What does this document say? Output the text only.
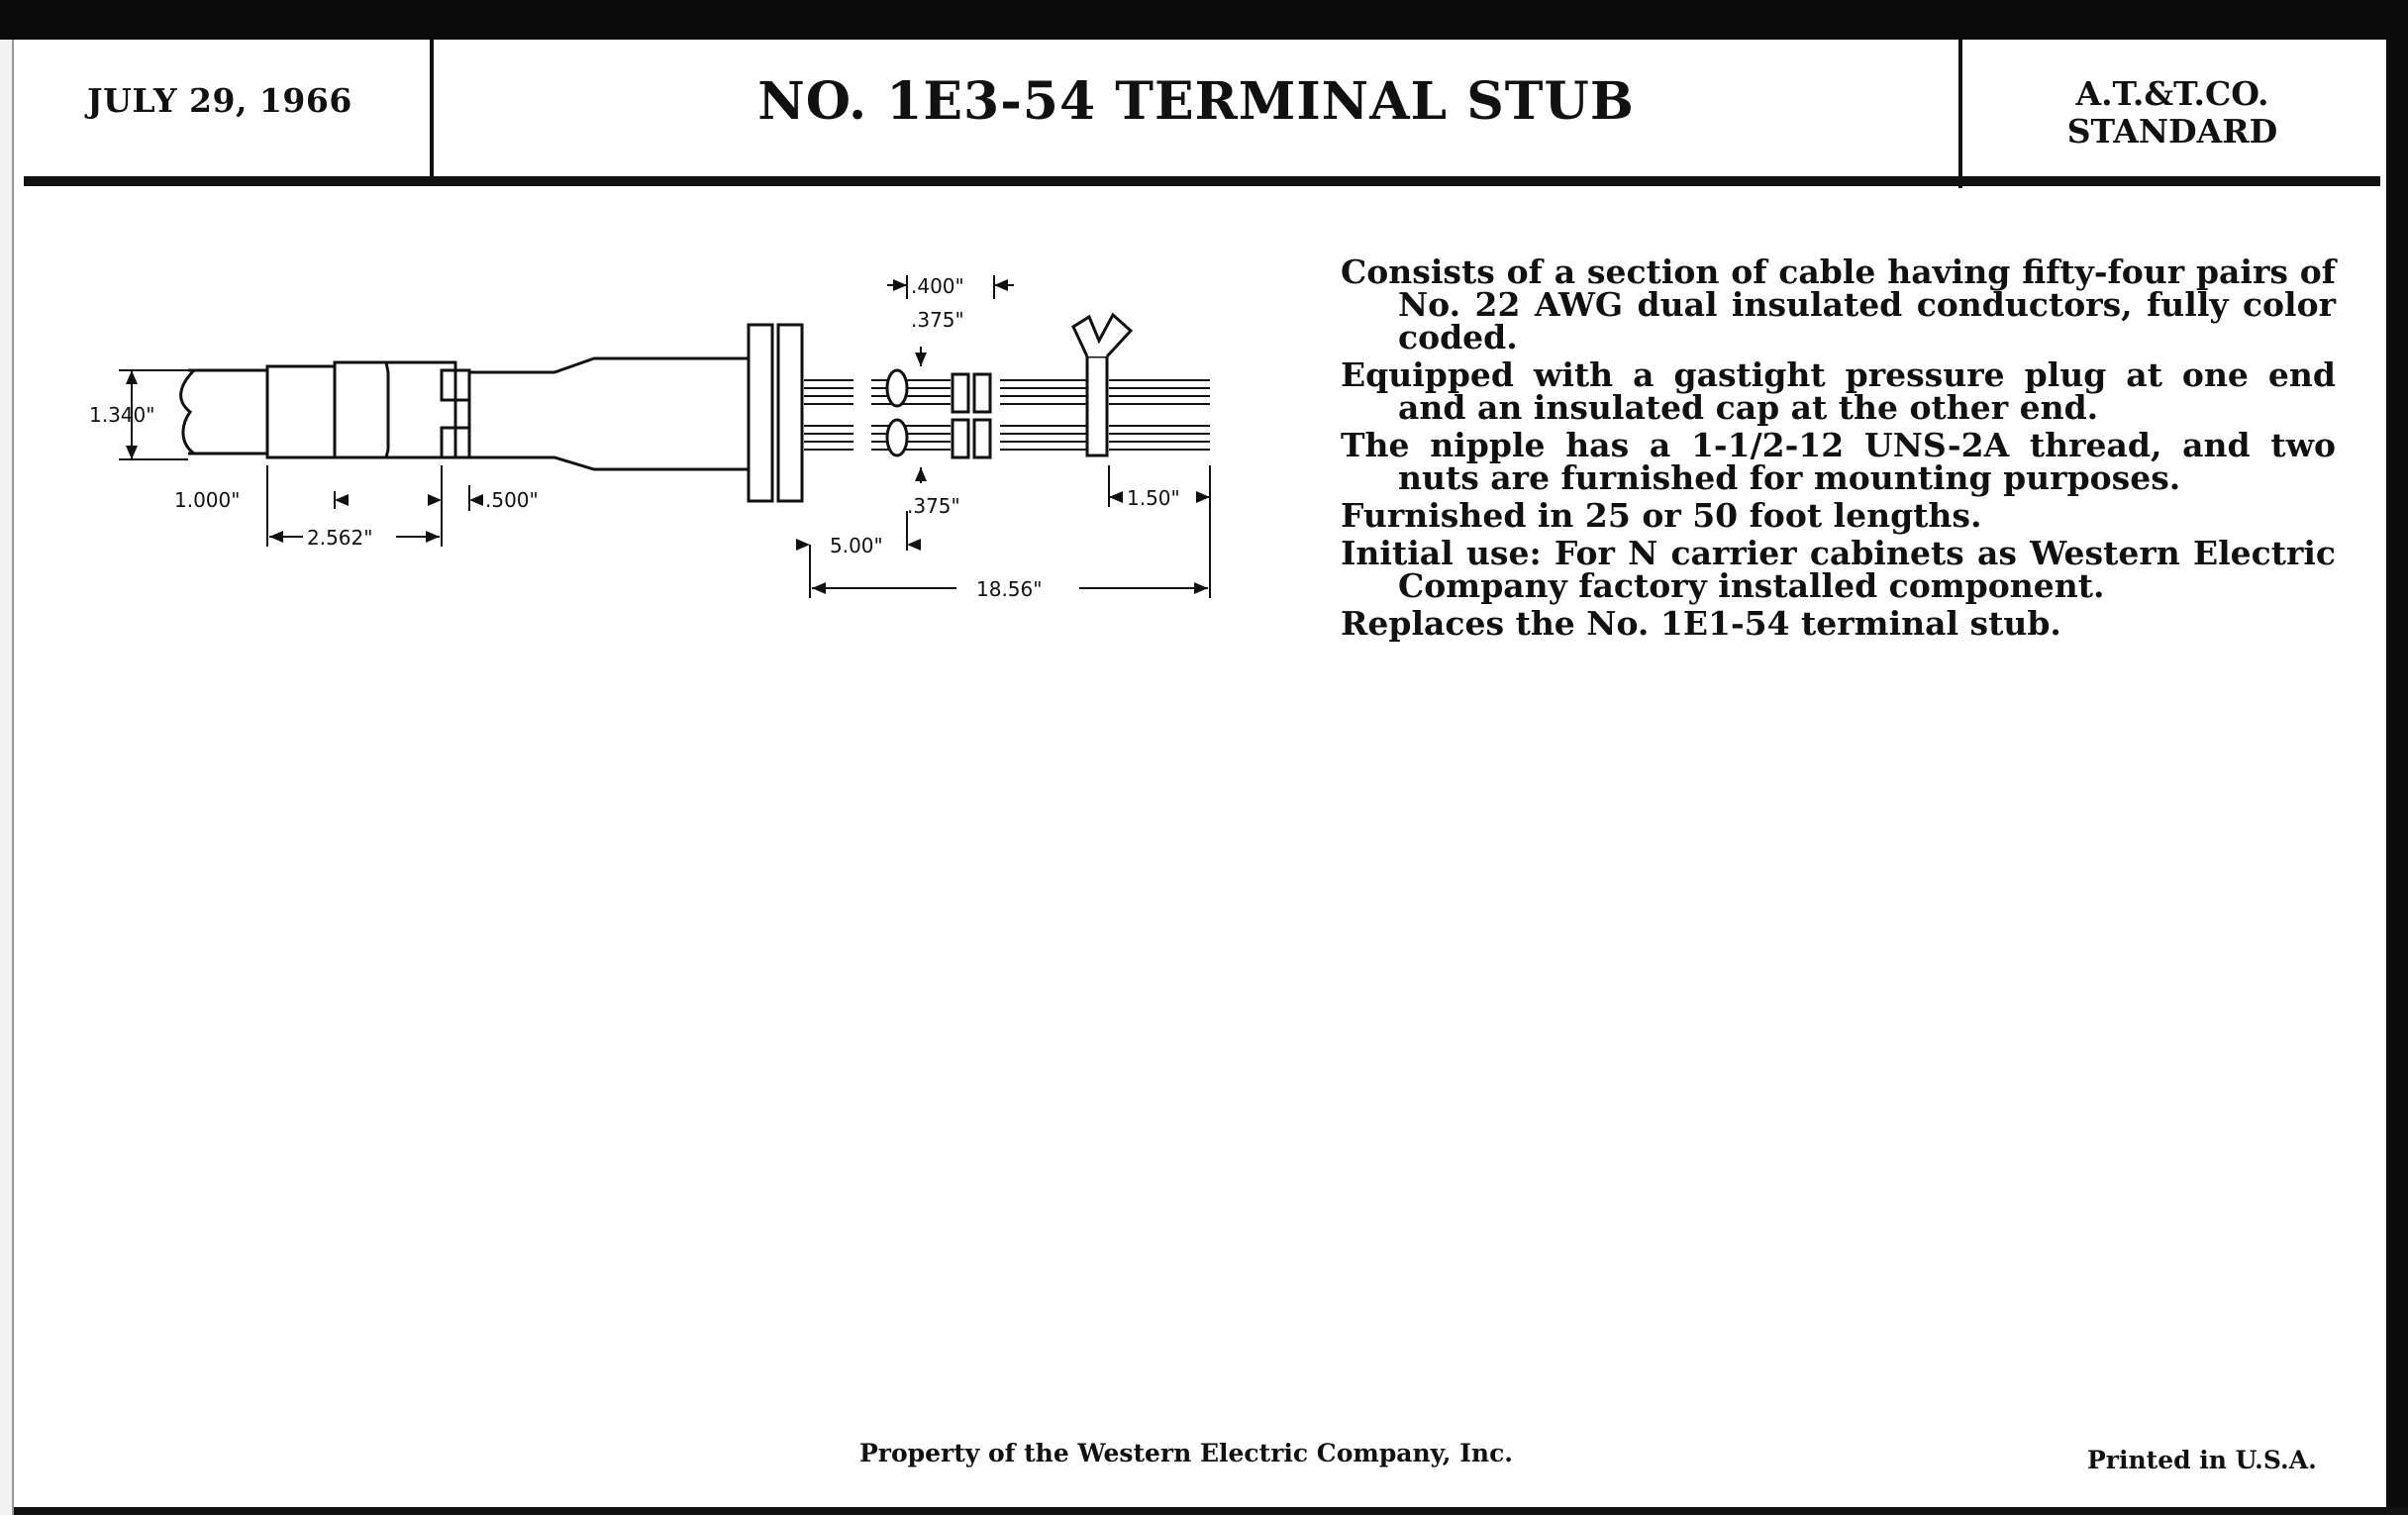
JULY 29, 1966	NO. 1E3-54 TERMINAL STUB	A.T.&T.CO.
STANDARD
1.340"
1.000"	.500"
2.562"
.400"
.375"
.375"
5.00"
1.50"
18.56"

Consists of a section of cable having fifty-four pairs of No. 22 AWG dual insulated conductors, fully color coded.

Equipped with a gastight pressure plug at one end and an insulated cap at the other end.

The nipple has a 1-1/2-12 UNS-2A thread, and two nuts are furnished for mounting purposes.

Furnished in 25 or 50 foot lengths.

Initial use: For N carrier cabinets as Western Electric Company factory installed component.

Replaces the No. 1E1-54 terminal stub.

Property of the Western Electric Company, Inc.	Printed in U.S.A.
